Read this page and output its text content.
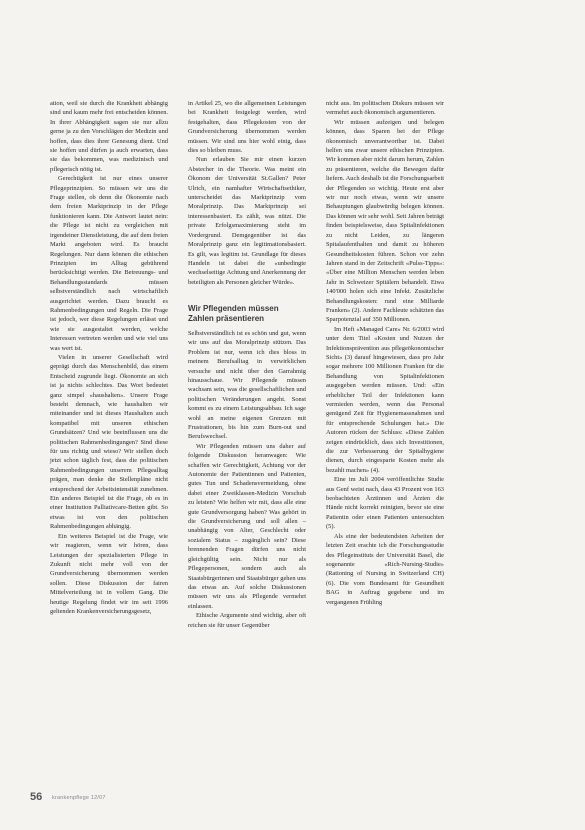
ation, weil sie durch die Krankheit abhängig sind und kaum mehr frei entscheiden können. In ihrer Abhängigkeit sagen sie nur allzu gerne ja zu den Vorschlägen der Medizin und hoffen, dass dies ihrer Genesung dient. Und sie hoffen und dürfen ja auch erwarten, dass sie das bekommen, was medizinisch und pflegerisch nötig ist.

Gerechtigkeit ist nur eines unserer Pflegeprinzipien. So müssen wir uns die Frage stellen, ob denn die Ökonomie nach dem freien Marktprinzip in der Pflege funktionieren kann. Die Antwort lautet nein: die Pflege ist nicht zu vergleichen mit irgendeiner Dienstleistung, die auf dem freien Markt angeboten wird. Es braucht Regelungen. Nur dann können die ethischen Prinzipien im Alltag gebührend berücksichtigt werden. Die Betreuungs- und Behandlungsstandards müssen selbstverständlich nach wirtschaftlich ausgerichtet werden. Dazu braucht es Rahmenbedingungen und Regeln. Die Frage ist jedoch, wer diese Regelungen erlässt und wie sie ausgestaltet werden, welche Interessen vertreten werden und wie viel uns was wert ist.

Vielen in unserer Gesellschaft wird geprägt durch das Menschenbild, das einem Entscheid zugrunde liegt. Ökonomie an sich ist ja nichts schlechtes. Das Wort bedeutet ganz simpel «haushalten». Unsere Frage besteht demnach, wie haushalten wir miteinander und ist dieses Haushalten auch kompatibel mit unseren ethischen Grundsätzen? Und wie beeinflussen uns die politischen Rahmenbedingungen? Sind diese für uns richtig und wieso? Wir stellen doch jetzt schon täglich fest, dass die politischen Rahmenbedingungen unserem Pflegealltag prägen, man denke die Stellenpläne nicht entsprechend der Arbeitsintensität zunehmen. Ein anderes Beispiel ist die Frage, ob es in einer Institution Palliativcare-Betten gibt. So etwas ist von den politischen Rahmenbedingungen abhängig.

Ein weiteres Beispiel ist die Frage, wie wir reagieren, wenn wir hören, dass Leistungen der spezialisierten Pflege in Zukunft nicht mehr voll von der Grundversicherung übernommen werden sollen. Diese Diskussion der fairen Mittelverteilung ist in vollem Gang. Die heutige Regelung findet wir im seit 1996 geltenden Krankenversicherungsgesetz,

in Artikel 25, wo die allgemeinen Leistungen bei Krankheit festgelegt werden, wird festgehalten, dass Pflegekosten von der Grundversicherung übernommen werden müssen. Wir sind uns hier wohl einig, dass dies so bleiben muss.

Nun erlauben Sie mir einen kurzen Abstecher in die Theorie. Was meint ein Ökonom der Universität St.Gallen? Peter Ulrich, ein namhafter Wirtschaftsethiker, unterscheidet das Marktprinzip vom Moralprinzip. Das Marktprinzip sei interessenbasiert. Es zählt, was nützt. Die private Erfolgsmaximierung steht im Vordergrund. Demgegenüber ist das Moralprinzip ganz ein legitimationsbasiert. Es gilt, was legitim ist. Grundlage für dieses Handeln ist dabei die «unbedingte wechselseitige Achtung und Anerkennung der beteiligten als Personen gleicher Würde».

Wir Pflegenden müssen Zahlen präsentieren

Selbstverständlich ist es schön und gut, wenn wir uns auf das Moralprinzip stützen. Das Problem ist nur, wenn ich dies bloss in meinem Berufsalltag in verwirklichen versuche und nicht über den Garrahmig hinausschaue. Wir Pflegende müssen wachsam sein, was die gesellschaftlichen und politischen Veränderungen angeht. Sonst kommt es zu einem Leistungsabbau. Ich sage wohl an meine eigenen Grenzen mit Frustrationen, bis hin zum Burn-out und Berufswechsel.

Wir Pflegenden müssen uns daher auf folgende Diskussion heranwagen: Wie schaffen wir Gerechtigkeit, Achtung vor der Autonomie der Patientinnen und Patienten, gutes Tun und Schadensvermeidung, ohne dabei einer Zweiklassen-Medizin Vorschub zu leisten? Wie helfen wir mit, dass alle eine gute Grundversorgung haben? Was gehört in die Grundversicherung und soll allen – unabhängig von Alter, Geschlecht oder sozialem Status – zugänglich sein? Diese brennenden Fragen dürfen uns nicht gleichgültig sein. Nicht nur als Pflegepersonen, sondern auch als Staatsbürgerinnen und Staatsbürger gehen uns das etwas an. Auf solche Diskussionen müssen wir uns als Pflegende vermehrt einlassen.

Ethische Argumente sind wichtig, aber oft reichen sie für unser Gegenüber

nicht aus. Im politischen Diskurs müssen wir vermehrt auch ökonomisch argumentieren.

Wir müssen aufzeigen und belegen können, dass Sparen bei der Pflege ökonomisch unverantwortbar ist. Dabei helfen uns zwar unsere ethischen Prinzipien. Wir kommen aber nicht darum herum, Zahlen zu präsentieren, welche die Bewegen dafür liefern. Auch deshalb ist die Forschungsarbeit der Pflegenden so wichtig. Heute erst aber wir nur noch etwas, wenn wir unsere Behauptungen glaubwürdig belegen können. Das können wir sehr wohl. Seit Jahren beträgt finden beispielsweise, dass Spitalinfektionen zu nicht Leiden, zu längeren Spitalaufenthalten und damit zu höheren Gesundheitskosten führen. Schon vor zehn Jahren stand in der Zeitschrift «Pulss-Tipps»: «Über eine Million Menschen werden leben Jahr in Schweizer Spitälern behandelt. Etwa 140'000 holen sich eine Infekt. Zusätzliche Behandlungskosten: rund eine Milliarde Franken» (2). Andere Fachleute schätzten das Sparpotenzial auf 350 Millionen.

Im Heft «Managed Care» Nr. 6/2003 wird unter dem Titel «Kosten und Nutzen der Infektionsprävention aus pflegeökonomischer Sicht» (3) darauf hingewiesen, dass pro Jahr sogar mehrere 100 Millionen Franken für die Behandlung von Spitalinfektionen ausgegeben werden müssen. Und: «Ein erheblicher Teil der Infektionen kann vermieden werden, wenn das Personal genügend Zeit für Hygienemassnahmen und für entsprechende Schulungen hat.» Die Autoren rücken der Schluss: «Diese Zahlen zeigen eindrücklich, dass sich Investitionen, die zur Verbesserung der Spitalhygiene dienen, durch eingesparte Kosten mehr als bezahlt machen» (4).

Eine im Juli 2004 veröffentlichte Studie aus Genf weist nach, dass 43 Prozent von 163 beobachteten Ärztinnen und Ärzten die Hände nicht korrekt reinigten, bevor sie eine Patientin oder einen Patienten untersuchten (5).

Als eine der bedeutendsten Arbeiten der letzten Zeit erachte ich die Forschungsstudie des Pflegeinstituts der Universität Basel, die sogenannte «Rich-Nursing-Studie» (Rationing of Nursing in Switzerland CH) (6). Die vom Bundesamt für Gesundheit BAG in Auftrag gegebene und im vergangenen Frühling

56 krankenpflege 12/07
